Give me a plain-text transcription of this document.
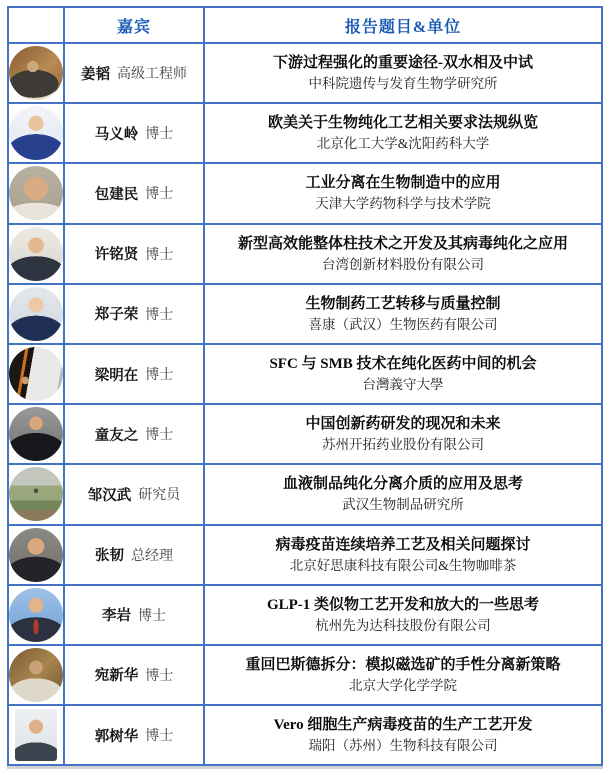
嘉宾	报告题目&单位
姜韬 高级工程师
下游过程强化的重要途径-双水相及中试
中科院遗传与发育生物学研究所
马义岭 博士
欧美关于生物纯化工艺相关要求法规纵览
北京化工大学&沈阳药科大学
包建民 博士
工业分离在生物制造中的应用
天津大学药物科学与技术学院
许铭贤 博士
新型高效能整体柱技术之开发及其病毒纯化之应用
台湾创新材料股份有限公司
郑子荣 博士
生物制药工艺转移与质量控制
喜康（武汉）生物医药有限公司
梁明在 博士
SFC 与 SMB 技术在纯化医药中间的机会
台灣義守大學
童友之 博士
中国创新药研发的现况和未来
苏州开拓药业股份有限公司
邹汉武 研究员
血液制品纯化分离介质的应用及思考
武汉生物制品研究所
张韧 总经理
病毒疫苗连续培养工艺及相关问题探讨
北京好思康科技有限公司&生物咖啡茶
李岩 博士
GLP-1 类似物工艺开发和放大的一些思考
杭州先为达科技股份有限公司
宛新华 博士
重回巴斯德拆分：模拟磁选矿的手性分离新策略
北京大学化学学院
郭树华 博士
Vero 细胞生产病毒疫苗的生产工艺开发
瑞阳（苏州）生物科技有限公司
